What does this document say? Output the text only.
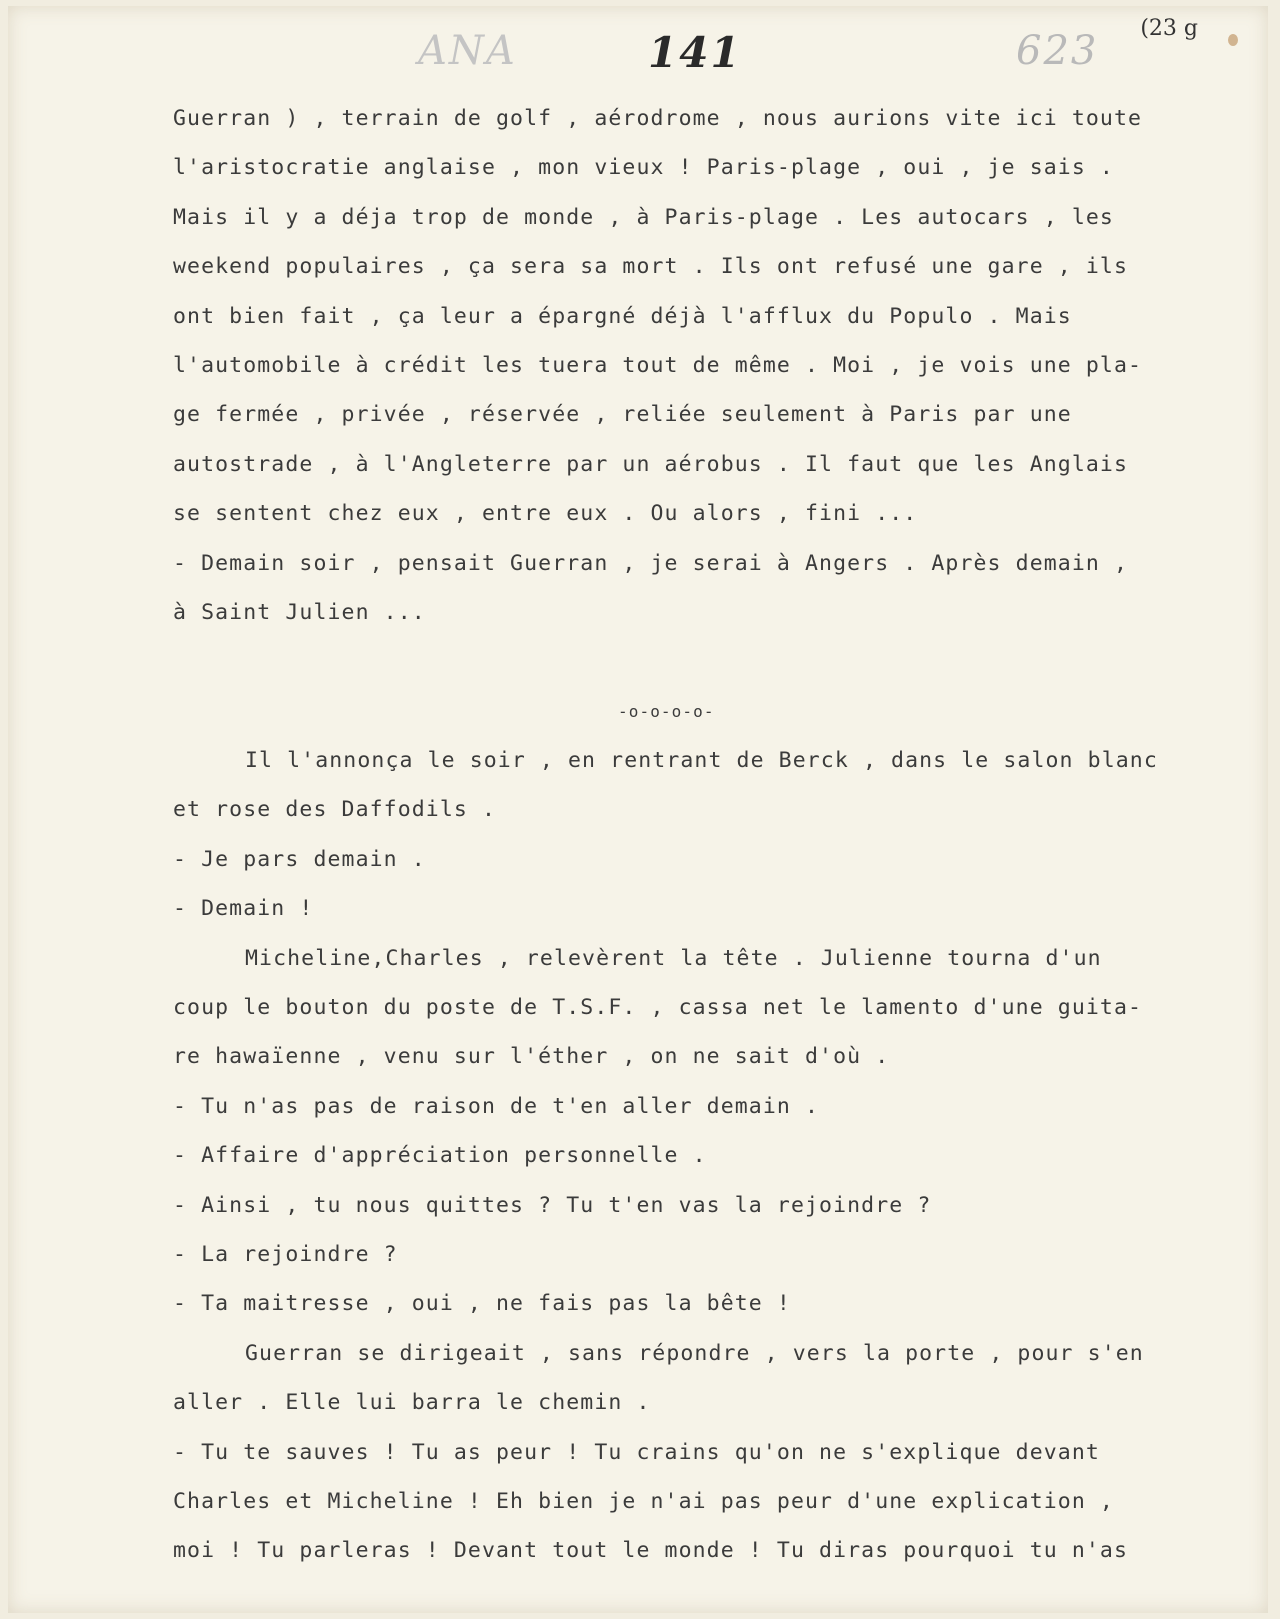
(23 g
ANA	141	623
Guerran ) , terrain de golf , aérodrome , nous aurions vite ici toute
l'aristocratie anglaise , mon vieux ! Paris-plage , oui , je sais .
Mais il y a déja trop de monde , à Paris-plage . Les autocars , les
weekend populaires , ça sera sa mort . Ils ont refusé une gare , ils
ont bien fait , ça leur a épargné déjà l'afflux du Populo . Mais
l'automobile à crédit les tuera tout de même . Moi , je vois une pla-
ge fermée , privée , réservée , reliée seulement à Paris par une
autostrade , à l'Angleterre par un aérobus . Il faut que les Anglais
se sentent chez eux , entre eux . Ou alors , fini ...
- Demain soir , pensait Guerran , je serai à Angers . Après demain ,
à Saint Julien ...
-o-o-o-o-
Il l'annonça le soir , en rentrant de Berck , dans le salon blanc
et rose des Daffodils .
- Je pars demain .
- Demain !
Micheline,Charles , relevèrent la tête . Julienne tourna d'un
coup le bouton du poste de T.S.F. , cassa net le lamento d'une guita-
re hawaïenne , venu sur l'éther , on ne sait d'où .
- Tu n'as pas de raison de t'en aller demain .
- Affaire d'appréciation personnelle .
- Ainsi , tu nous quittes ? Tu t'en vas la rejoindre ?
- La rejoindre ?
- Ta maitresse , oui , ne fais pas la bête !
Guerran se dirigeait , sans répondre , vers la porte , pour s'en
aller . Elle lui barra le chemin .
- Tu te sauves ! Tu as peur ! Tu crains qu'on ne s'explique devant
Charles et Micheline ! Eh bien je n'ai pas peur d'une explication ,
moi ! Tu parleras ! Devant tout le monde ! Tu diras pourquoi tu n'as
